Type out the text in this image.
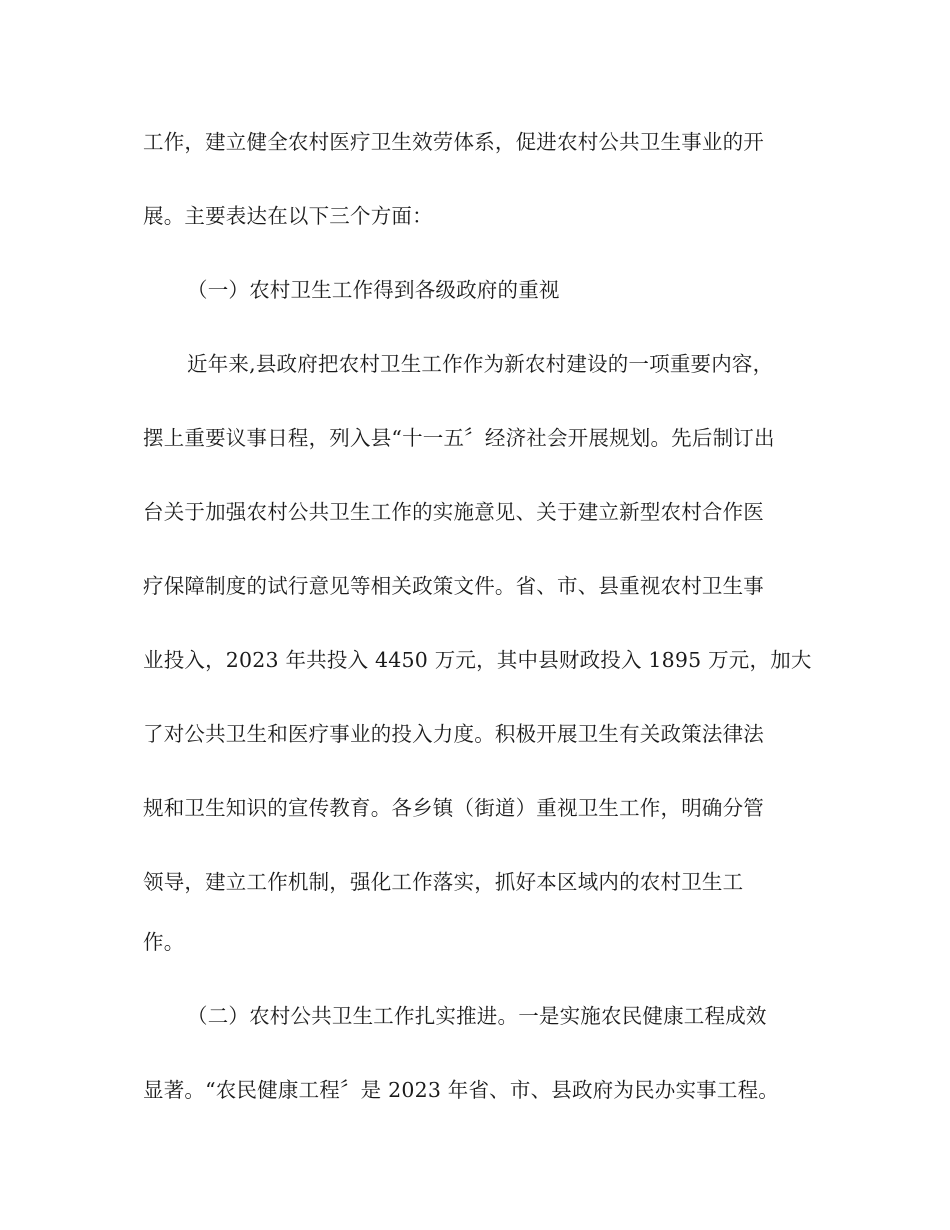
工作，建立健全农村医疗卫生效劳体系，促进农村公共卫生事业的开
展。主要表达在以下三个方面：
（一）农村卫生工作得到各级政府的重视
近年来,县政府把农村卫生工作作为新农村建设的一项重要内容，
摆上重要议事日程，列入县“十一五〞经济社会开展规划。先后制订出
台关于加强农村公共卫生工作的实施意见、关于建立新型农村合作医
疗保障制度的试行意见等相关政策文件。省、市、县重视农村卫生事
业投入，2023 年共投入 4450 万元，其中县财政投入 1895 万元，加大
了对公共卫生和医疗事业的投入力度。积极开展卫生有关政策法律法
规和卫生知识的宣传教育。各乡镇（街道）重视卫生工作，明确分管
领导，建立工作机制，强化工作落实，抓好本区域内的农村卫生工
作。
（二）农村公共卫生工作扎实推进。一是实施农民健康工程成效
显著。“农民健康工程〞是 2023 年省、市、县政府为民办实事工程。
